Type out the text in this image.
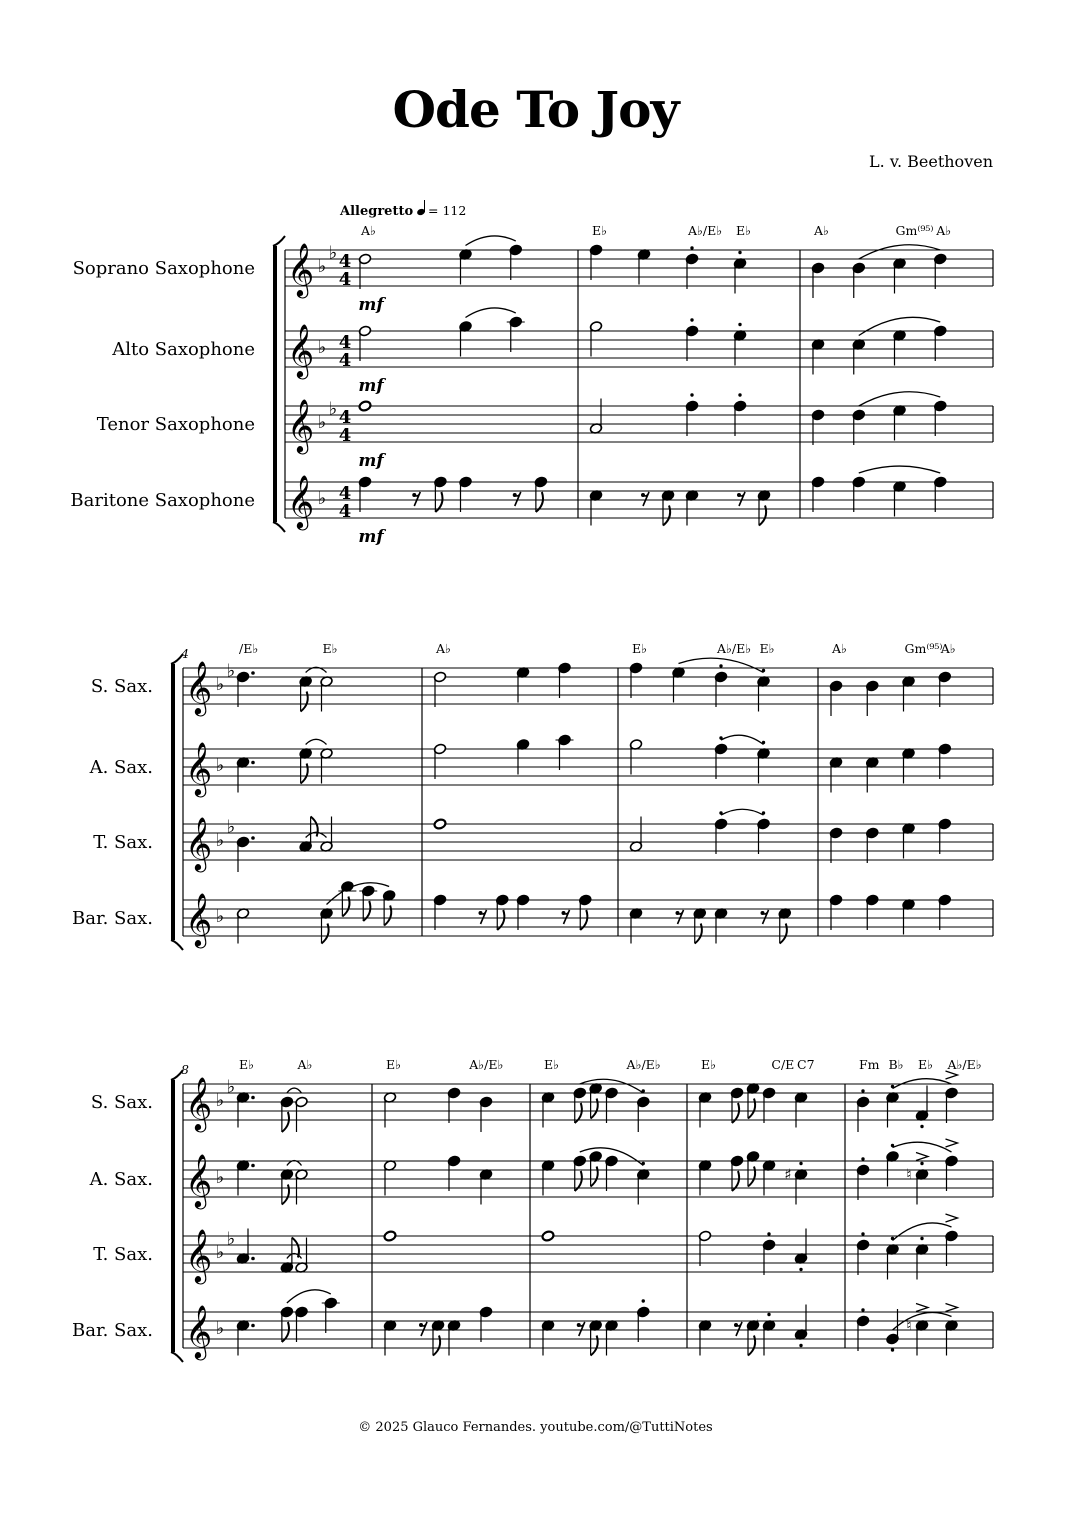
Ode To Joy
L. v. Beethoven
© 2025 Glauco Fernandes. youtube.com/@TuttiNotes
Soprano Saxophone
Alto Saxophone
Tenor Saxophone
Baritone Saxophone
𝄞 ♭
♭ 4
4
mf
𝄞 ♭ 4
4
mf
𝄞 ♭
♭ 4
4
mf
𝄞 ♭ 4
4
mf
Allegretto = 112
A♭	E♭	A♭/E♭ E♭	A♭	Gm⁽⁹⁵⁾ A♭
S. Sax.
A. Sax.
T. Sax.
Bar. Sax.
𝄞 ♭
♭
𝄞 ♭
𝄞 ♭
♭
𝄞 ♭
4	/E♭	E♭	A♭	E♭	A♭/E♭ E♭	A♭	Gm⁽⁹⁵⁾
A♭
S. Sax.
A. Sax.
T. Sax.
Bar. Sax.
𝄞 ♭
♭
𝄞 ♭
𝄞 ♭
♭
𝄞 ♭
8
♯	♮
♯	♮
E♭	A♭	E♭	A♭/E♭	E♭	A♭/E♭	E♭	C/E C7	Fm B♭ E♭ A♭/E♭
